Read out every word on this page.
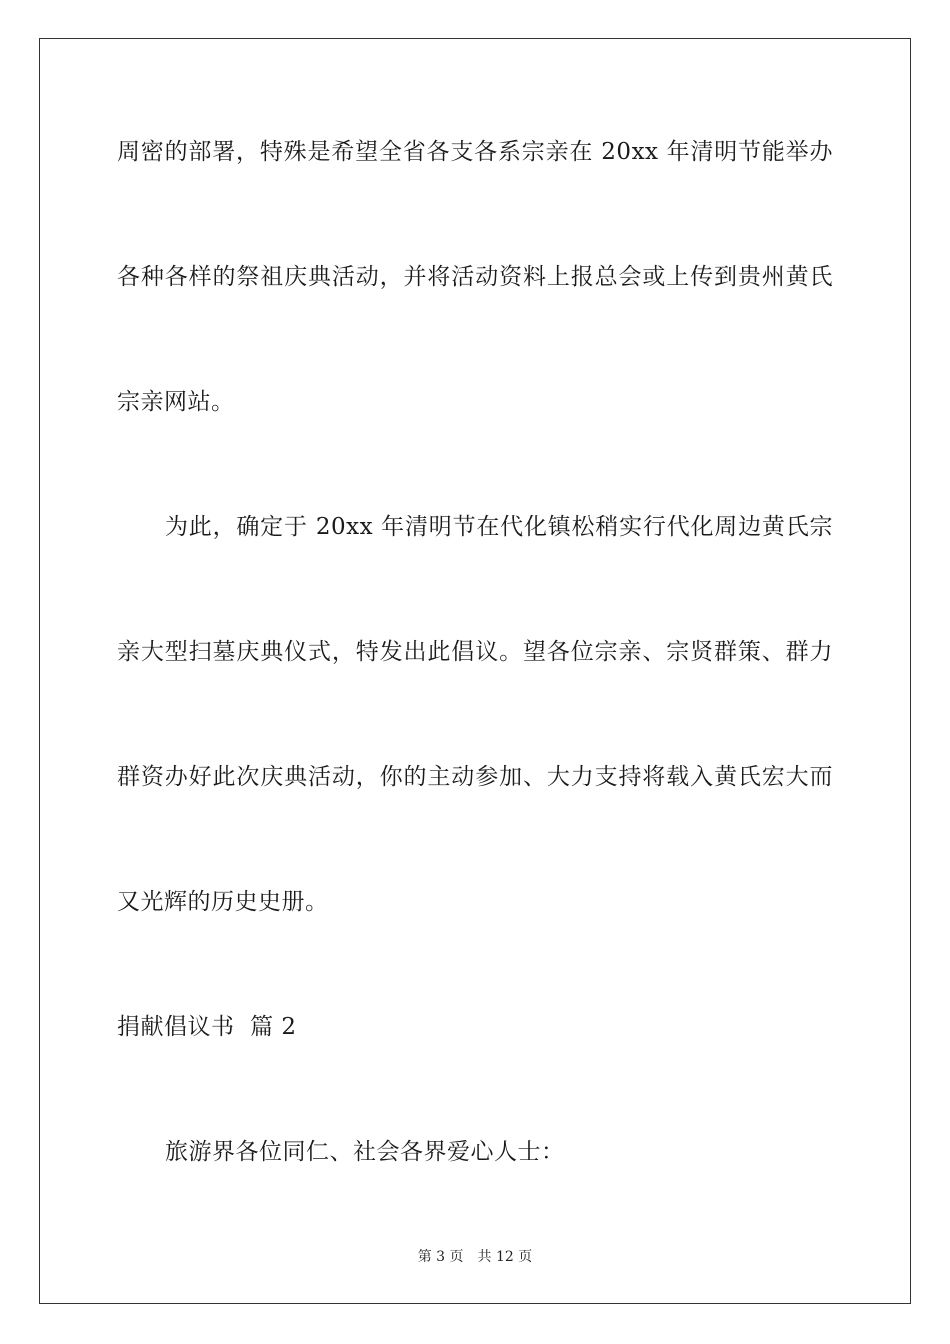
周密的部署，特殊是希望全省各支各系宗亲在 20xx 年清明节能举办
各种各样的祭祖庆典活动，并将活动资料上报总会或上传到贵州黄氏
宗亲网站。
为此，确定于 20xx 年清明节在代化镇松稍实行代化周边黄氏宗
亲大型扫墓庆典仪式，特发出此倡议。望各位宗亲、宗贤群策、群力
群资办好此次庆典活动，你的主动参加、大力支持将载入黄氏宏大而
又光辉的历史史册。
捐献倡议书  篇 2
旅游界各位同仁、社会各界爱心人士：
第 3 页 共 12 页
